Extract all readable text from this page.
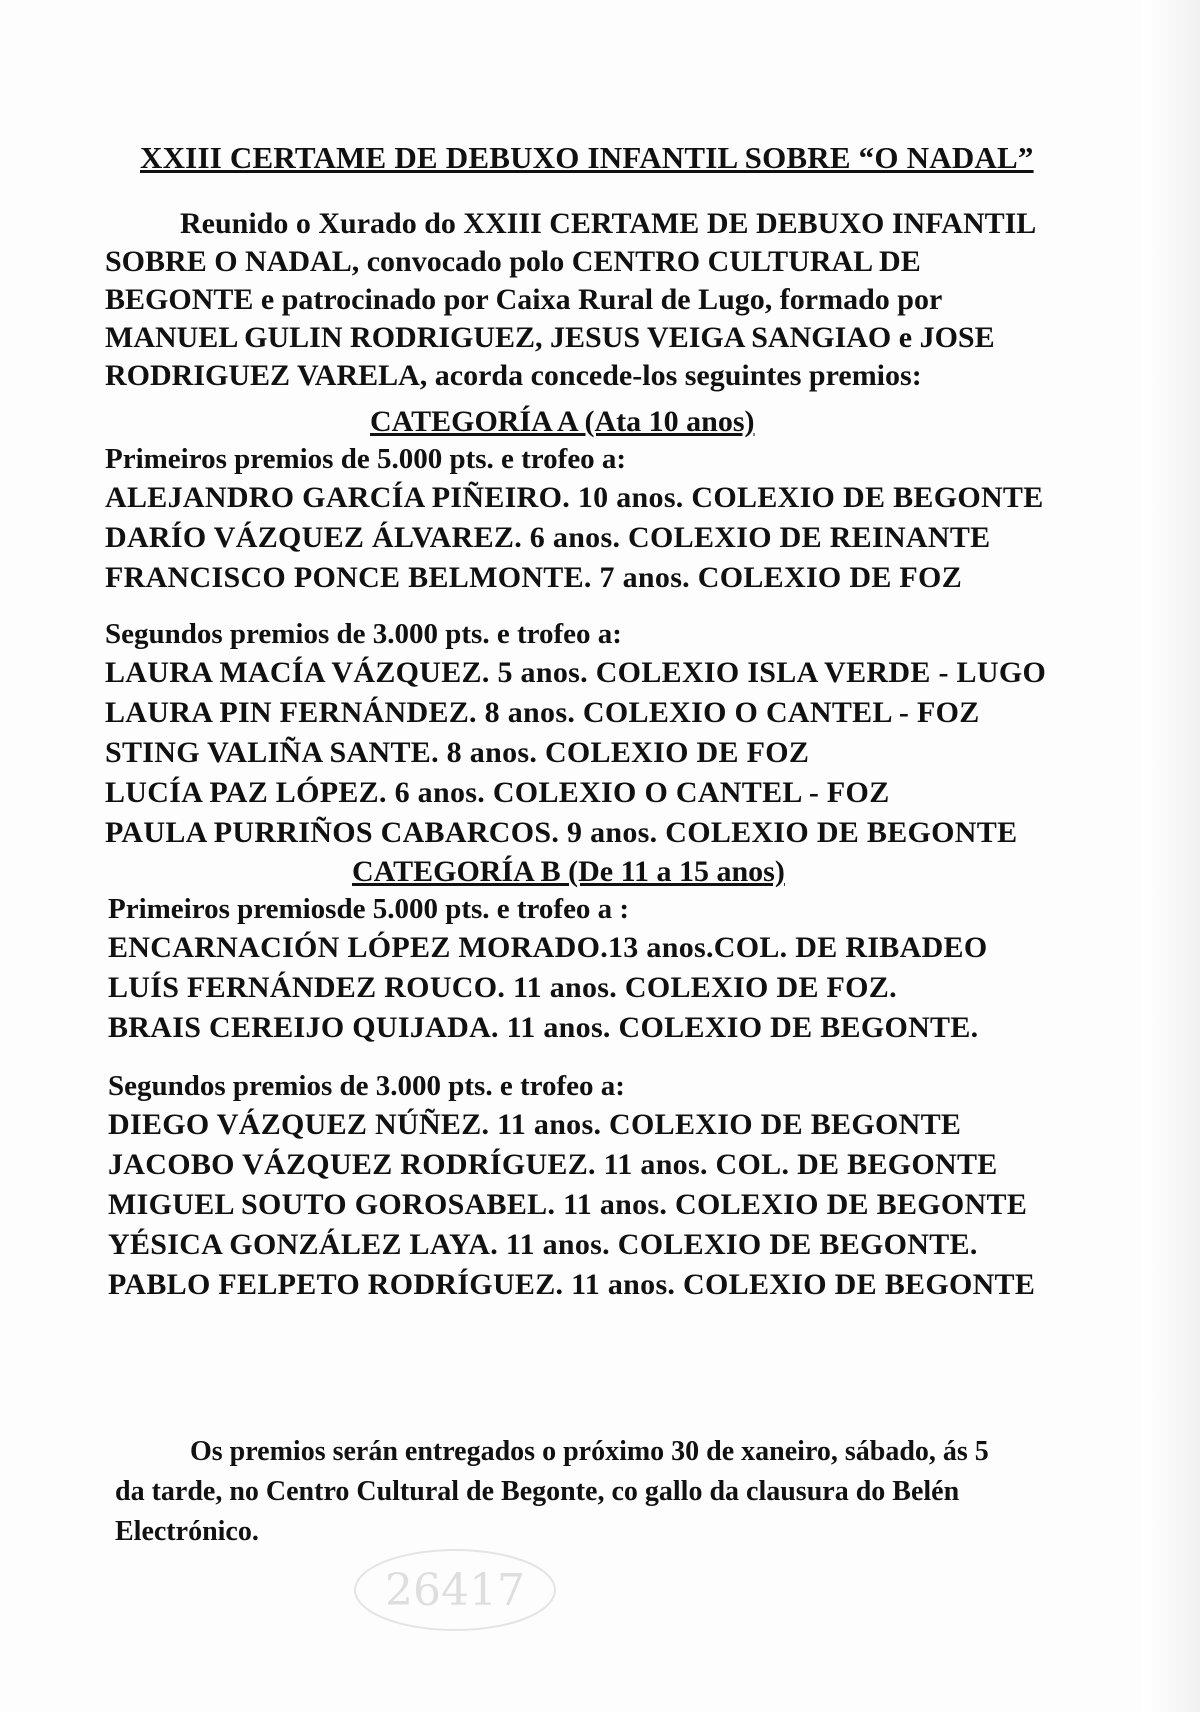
XXIII CERTAME DE DEBUXO INFANTIL SOBRE “O NADAL”

Reunido o Xurado do XXIII CERTAME DE DEBUXO INFANTIL

SOBRE O NADAL, convocado polo CENTRO CULTURAL DE

BEGONTE e patrocinado por Caixa Rural de Lugo, formado por

MANUEL GULIN RODRIGUEZ, JESUS VEIGA SANGIAO e JOSE

RODRIGUEZ VARELA, acorda concede-los seguintes premios:

CATEGORÍA A (Ata 10 anos)
Primeiros premios de 5.000 pts. e trofeo a:
ALEJANDRO GARCÍA PIÑEIRO. 10 anos. COLEXIO DE BEGONTE
DARÍO VÁZQUEZ ÁLVAREZ. 6 anos. COLEXIO DE REINANTE
FRANCISCO PONCE BELMONTE. 7 anos. COLEXIO DE FOZ
Segundos premios de 3.000 pts. e trofeo a:
LAURA MACÍA VÁZQUEZ. 5 anos. COLEXIO ISLA VERDE - LUGO
LAURA PIN FERNÁNDEZ. 8 anos. COLEXIO O CANTEL - FOZ
STING VALIÑA SANTE. 8 anos. COLEXIO DE FOZ
LUCÍA PAZ LÓPEZ. 6 anos. COLEXIO O CANTEL - FOZ
PAULA PURRIÑOS CABARCOS. 9 anos. COLEXIO DE BEGONTE
CATEGORÍA B (De 11 a 15 anos)
Primeiros premiosde 5.000 pts. e trofeo a :
ENCARNACIÓN LÓPEZ MORADO.13 anos.COL. DE RIBADEO
LUÍS FERNÁNDEZ ROUCO. 11 anos. COLEXIO DE FOZ.
BRAIS CEREIJO QUIJADA. 11 anos. COLEXIO DE BEGONTE.
Segundos premios de 3.000 pts. e trofeo a:
DIEGO VÁZQUEZ NÚÑEZ. 11 anos. COLEXIO DE BEGONTE
JACOBO VÁZQUEZ RODRÍGUEZ. 11 anos. COL. DE BEGONTE
MIGUEL SOUTO GOROSABEL. 11 anos. COLEXIO DE BEGONTE
YÉSICA GONZÁLEZ LAYA. 11 anos. COLEXIO DE BEGONTE.
PABLO FELPETO RODRÍGUEZ. 11 anos. COLEXIO DE BEGONTE

Os premios serán entregados o próximo 30 de xaneiro, sábado, ás 5

da tarde, no Centro Cultural de Begonte, co gallo da clausura do Belén

Electrónico.

26417
